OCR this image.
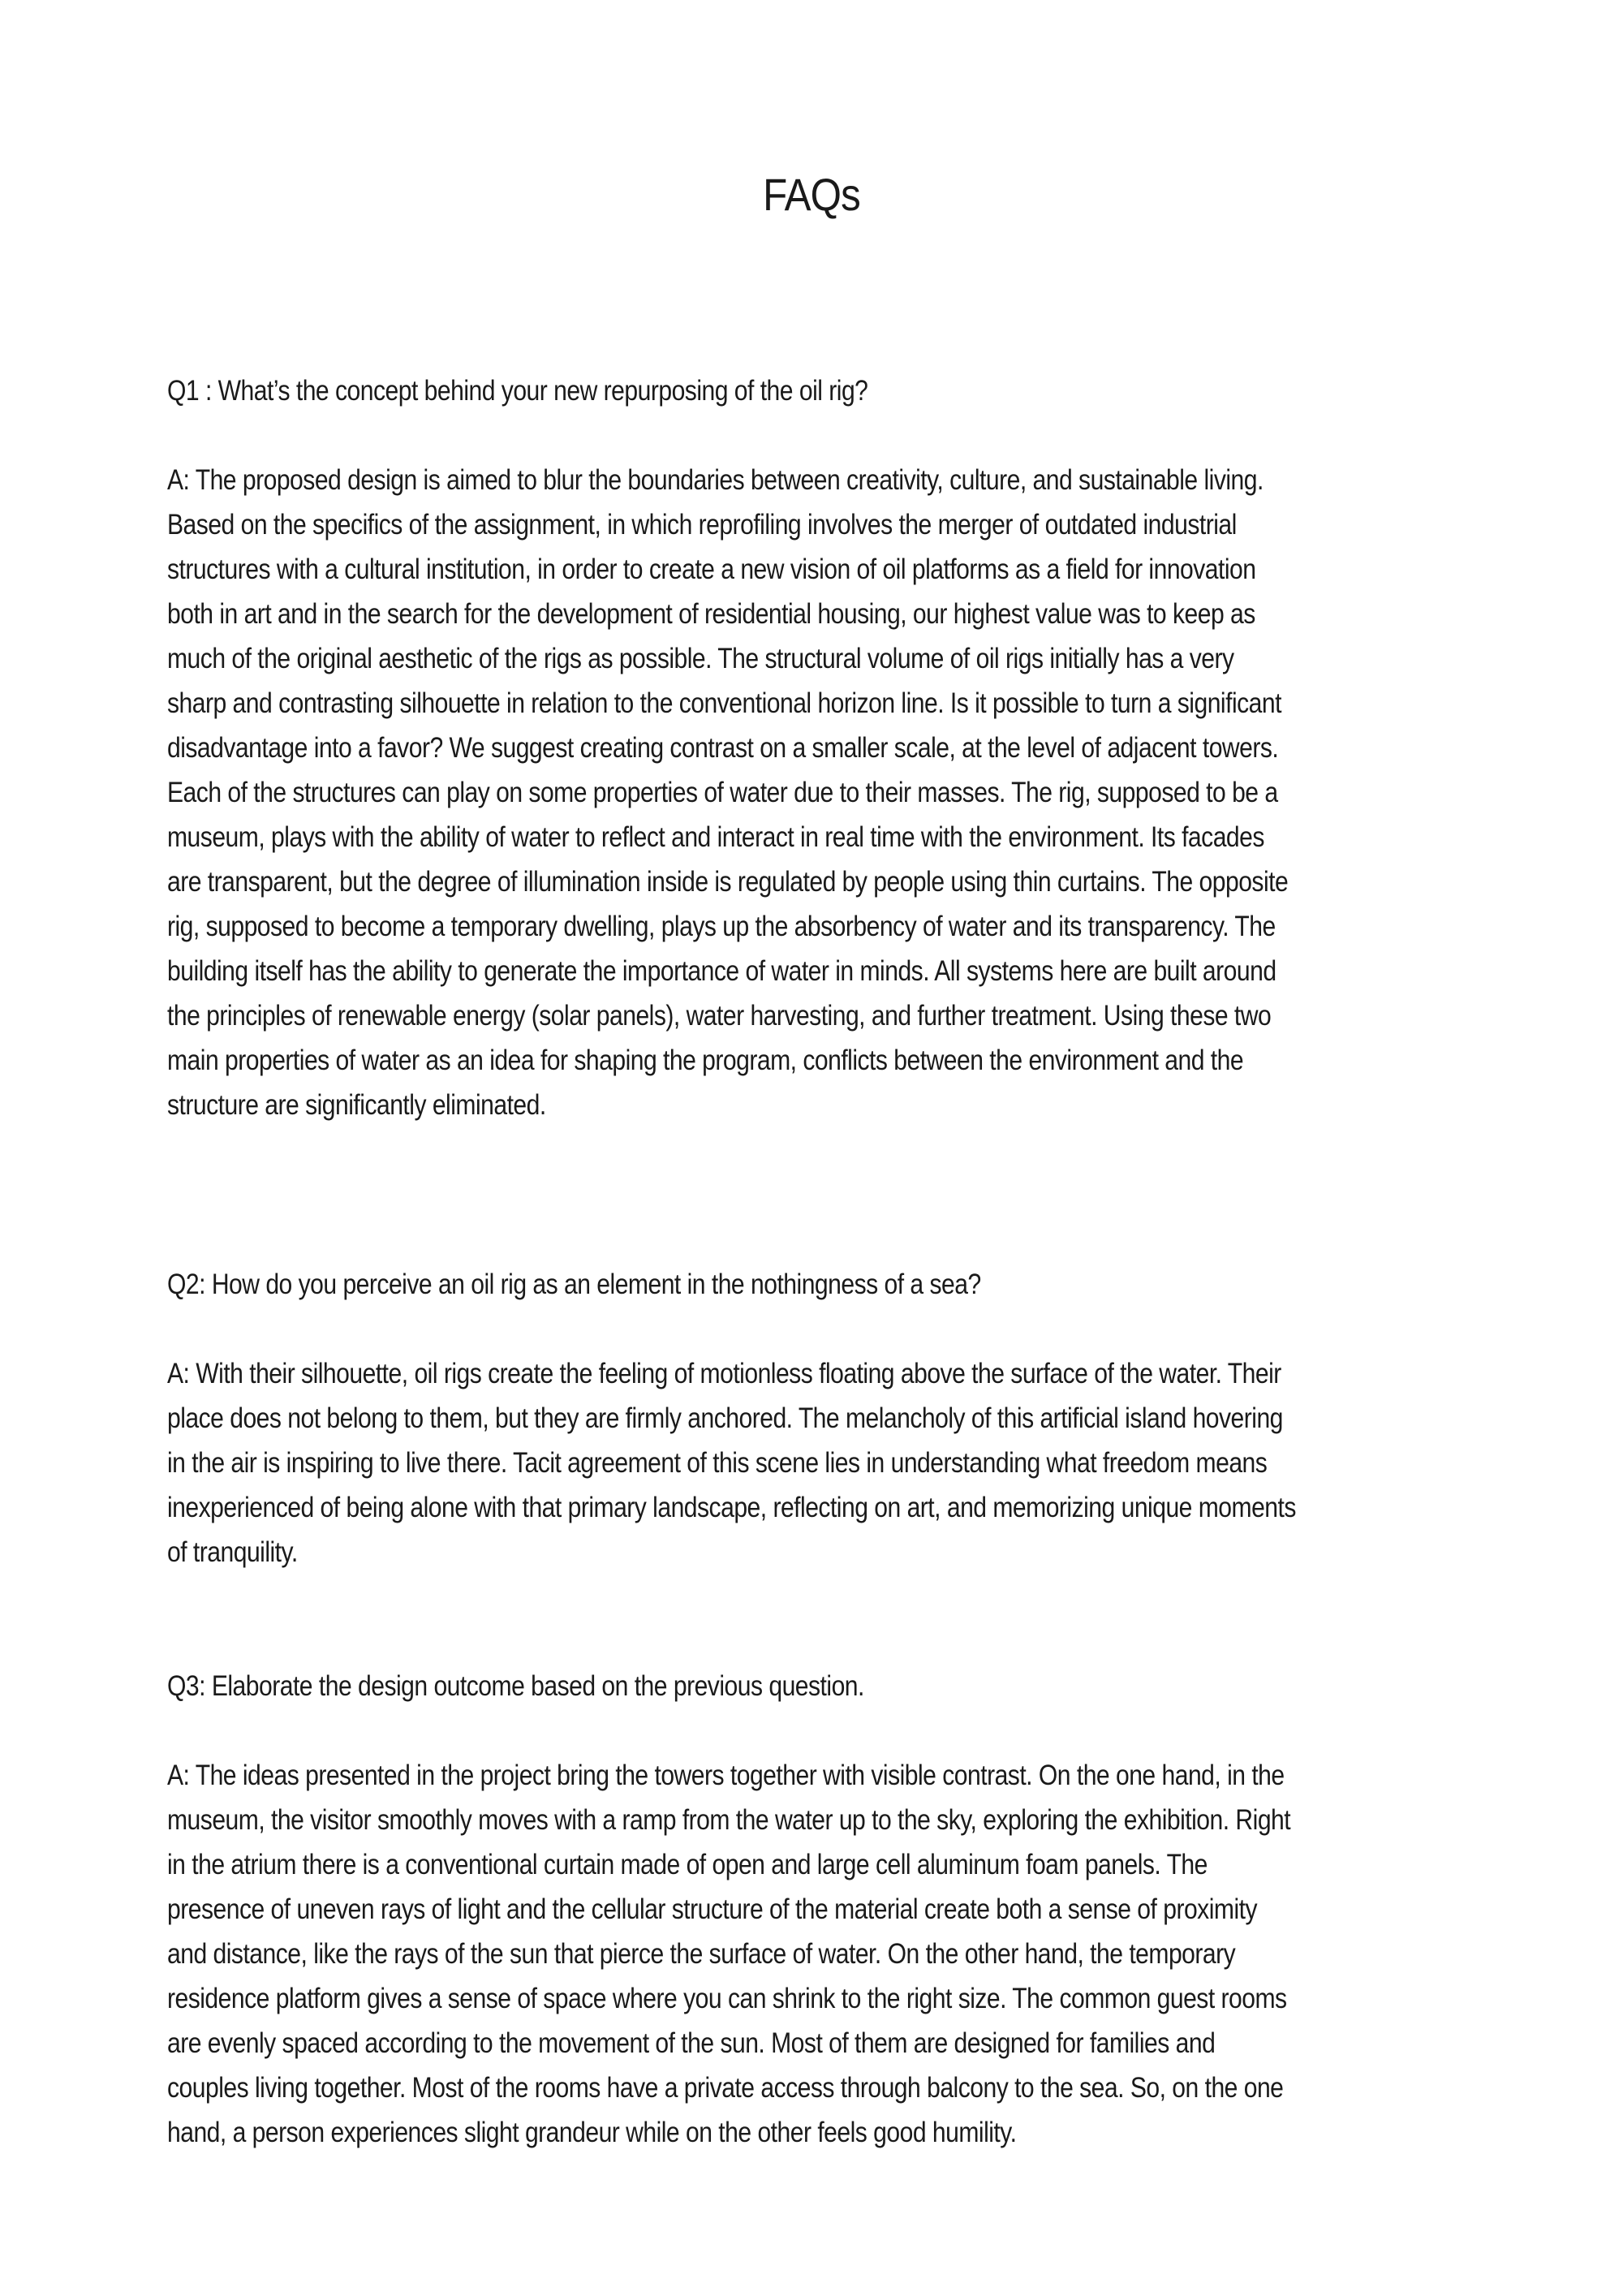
FAQs

Q1 : What’s the concept behind your new repurposing of the oil rig?

A: The proposed design is aimed to blur the boundaries between creativity, culture, and sustainable living. Based on the specifics of the assignment, in which reprofiling involves the merger of outdated industrial structures with a cultural institution, in order to create a new vision of oil platforms as a field for innovation both in art and in the search for the development of residential housing, our highest value was to keep as much of the original aesthetic of the rigs as possible. The structural volume of oil rigs initially has a very sharp and contrasting silhouette in relation to the conventional horizon line. Is it possible to turn a significant disadvantage into a favor? We suggest creating contrast on a smaller scale, at the level of adjacent towers. Each of the structures can play on some properties of water due to their masses. The rig, supposed to be a museum, plays with the ability of water to reflect and interact in real time with the environment. Its facades are transparent, but the degree of illumination inside is regulated by people using thin curtains. The opposite rig, supposed to become a temporary dwelling, plays up the absorbency of water and its transparency. The building itself has the ability to generate the importance of water in minds. All systems here are built around the principles of renewable energy (solar panels), water harvesting, and further treatment. Using these two main properties of water as an idea for shaping the program, conflicts between the environment and the structure are significantly eliminated.

Q2: How do you perceive an oil rig as an element in the nothingness of a sea?

A: With their silhouette, oil rigs create the feeling of motionless floating above the surface of the water. Their place does not belong to them, but they are firmly anchored. The melancholy of this artificial island hovering in the air is inspiring to live there. Tacit agreement of this scene lies in understanding what freedom means inexperienced of being alone with that primary landscape, reflecting on art, and memorizing unique moments of tranquility.

Q3: Elaborate the design outcome based on the previous question.

A: The ideas presented in the project bring the towers together with visible contrast. On the one hand, in the museum, the visitor smoothly moves with a ramp from the water up to the sky, exploring the exhibition. Right in the atrium there is a conventional curtain made of open and large cell aluminum foam panels. The presence of uneven rays of light and the cellular structure of the material create both a sense of proximity and distance, like the rays of the sun that pierce the surface of water. On the other hand, the temporary residence platform gives a sense of space where you can shrink to the right size. The common guest rooms are evenly spaced according to the movement of the sun. Most of them are designed for families and couples living together. Most of the rooms have a private access through balcony to the sea. So, on the one hand, a person experiences slight grandeur while on the other feels good humility.
